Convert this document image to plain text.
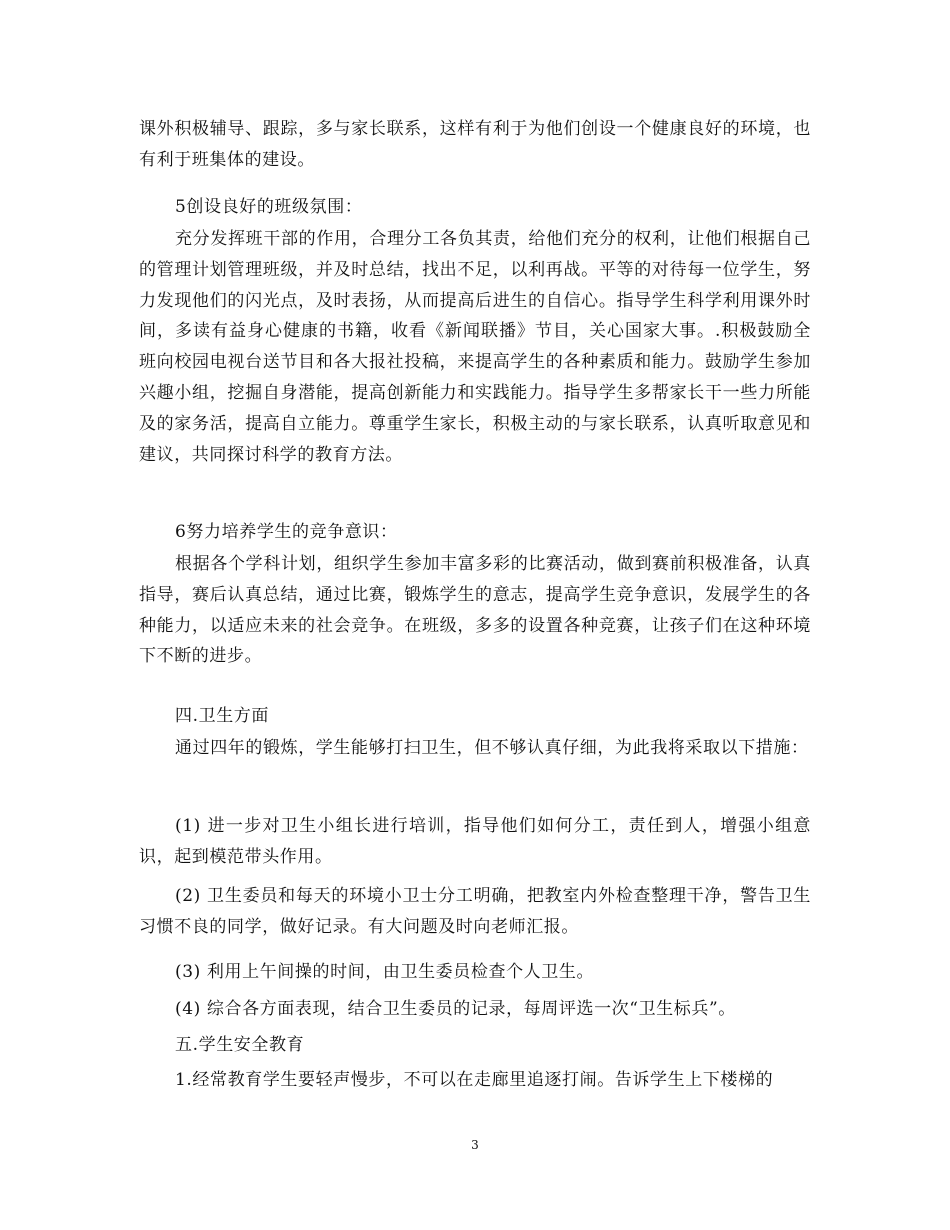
课外积极辅导、跟踪，多与家长联系，这样有利于为他们创设一个健康良好的环境，也有利于班集体的建设。

5创设良好的班级氛围：

充分发挥班干部的作用，合理分工各负其责，给他们充分的权利，让他们根据自己的管理计划管理班级，并及时总结，找出不足，以利再战。平等的对待每一位学生，努力发现他们的闪光点，及时表扬，从而提高后进生的自信心。指导学生科学利用课外时间，多读有益身心健康的书籍，收看《新闻联播》节目，关心国家大事。.积极鼓励全班向校园电视台送节目和各大报社投稿，来提高学生的各种素质和能力。鼓励学生参加兴趣小组，挖掘自身潜能，提高创新能力和实践能力。指导学生多帮家长干一些力所能及的家务活，提高自立能力。尊重学生家长，积极主动的与家长联系，认真听取意见和建议，共同探讨科学的教育方法。

6努力培养学生的竞争意识：

根据各个学科计划，组织学生参加丰富多彩的比赛活动，做到赛前积极准备，认真指导，赛后认真总结，通过比赛，锻炼学生的意志，提高学生竞争意识，发展学生的各种能力，以适应未来的社会竞争。在班级，多多的设置各种竞赛，让孩子们在这种环境下不断的进步。

四.卫生方面

通过四年的锻炼，学生能够打扫卫生，但不够认真仔细，为此我将采取以下措施：

(1) 进一步对卫生小组长进行培训，指导他们如何分工，责任到人，增强小组意识，起到模范带头作用。

(2) 卫生委员和每天的环境小卫士分工明确，把教室内外检查整理干净，警告卫生习惯不良的同学，做好记录。有大问题及时向老师汇报。

(3) 利用上午间操的时间，由卫生委员检查个人卫生。

(4) 综合各方面表现，结合卫生委员的记录，每周评选一次“卫生标兵”。

五.学生安全教育

1.经常教育学生要轻声慢步，不可以在走廊里追逐打闹。告诉学生上下楼梯的

3
